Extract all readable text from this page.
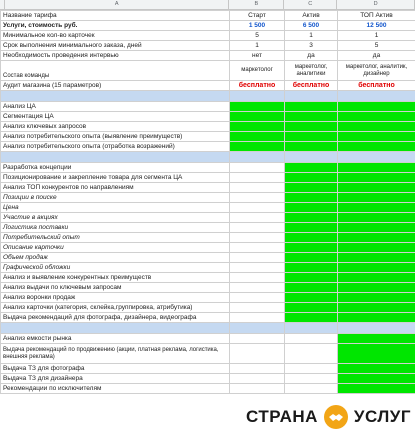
A	B	C	D
Название тарифа	Старт	Актив	ТОП Актив
Услуги, стоимость руб.	1 500	6 500	12 500
Минимальное кол-во карточек	5	1	1
Срок выполнения минимального заказа, дней	1	3	5
Необходимость проведения интервью	нет	да	да
Состав команды	маркетолог	маркетолог, аналитики	маркетолог, аналитик, дизайнер
Аудит магазина (15 параметров)	бесплатно	бесплатно	бесплатно

Анализ ЦА			
Сегментация ЦА			
Анализ ключевых запросов			
Анализ потребительского опыта (выявление преимуществ)			
Анализ потребительского опыта (отработка возражений)			

Разработка концепции			
Позиционирование и закрепление товара для сегмента ЦА			
Анализ ТОП конкурентов по направлениям			
Позиции в поиске			
Цена			
Участие в акциях			
Логистика поставки			
Потребительский опыт			
Описание карточки			
Объем продаж			
Графической обложки			
Анализ и выявление конкурентных преимуществ			
Анализ выдачи по ключевым запросам			
Анализ воронки продаж			
Анализ карточки (категория, склейка,группировка, атрибутика)			
Выдача рекомендаций для фотографа, дизайнера, видеографа			

Анализ емкости рынка			
Выдача рекомендаций по продвижению (акции, платная реклама, логистика, внешняя реклама)			
Выдача ТЗ для фотографа			
Выдача ТЗ для дизайнера			
Рекомендации по исключителям			
СТРАНА УСЛУГ
